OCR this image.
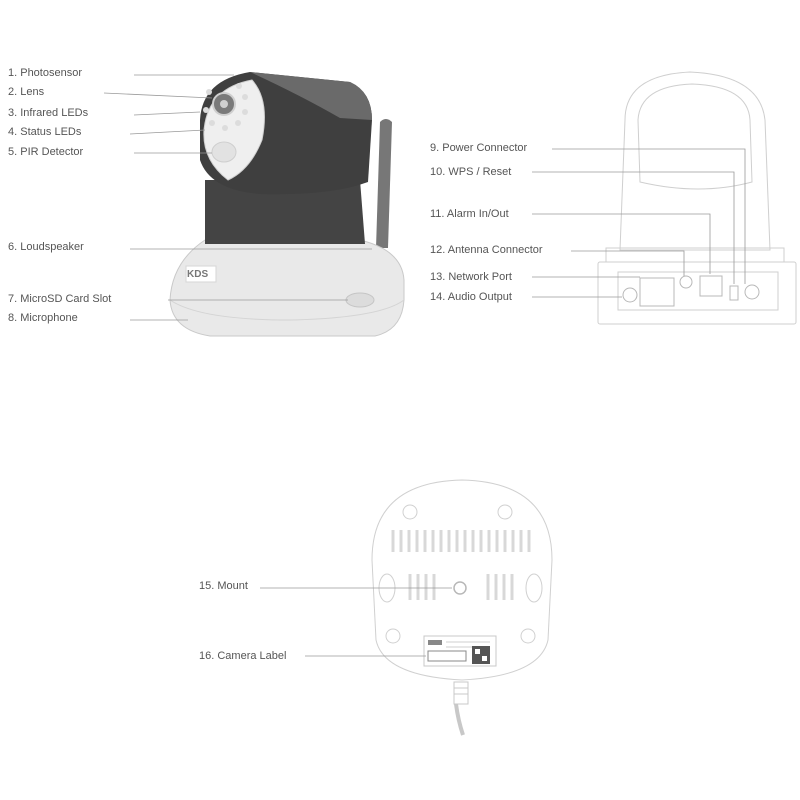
KDS
1. Photosensor
2. Lens
3. Infrared LEDs
4. Status LEDs
5. PIR Detector
6. Loudspeaker
7. MicroSD Card Slot
8. Microphone
9. Power Connector
10. WPS / Reset
11. Alarm In/Out
12. Antenna Connector
13. Network Port
14. Audio Output
15. Mount
16. Camera Label
